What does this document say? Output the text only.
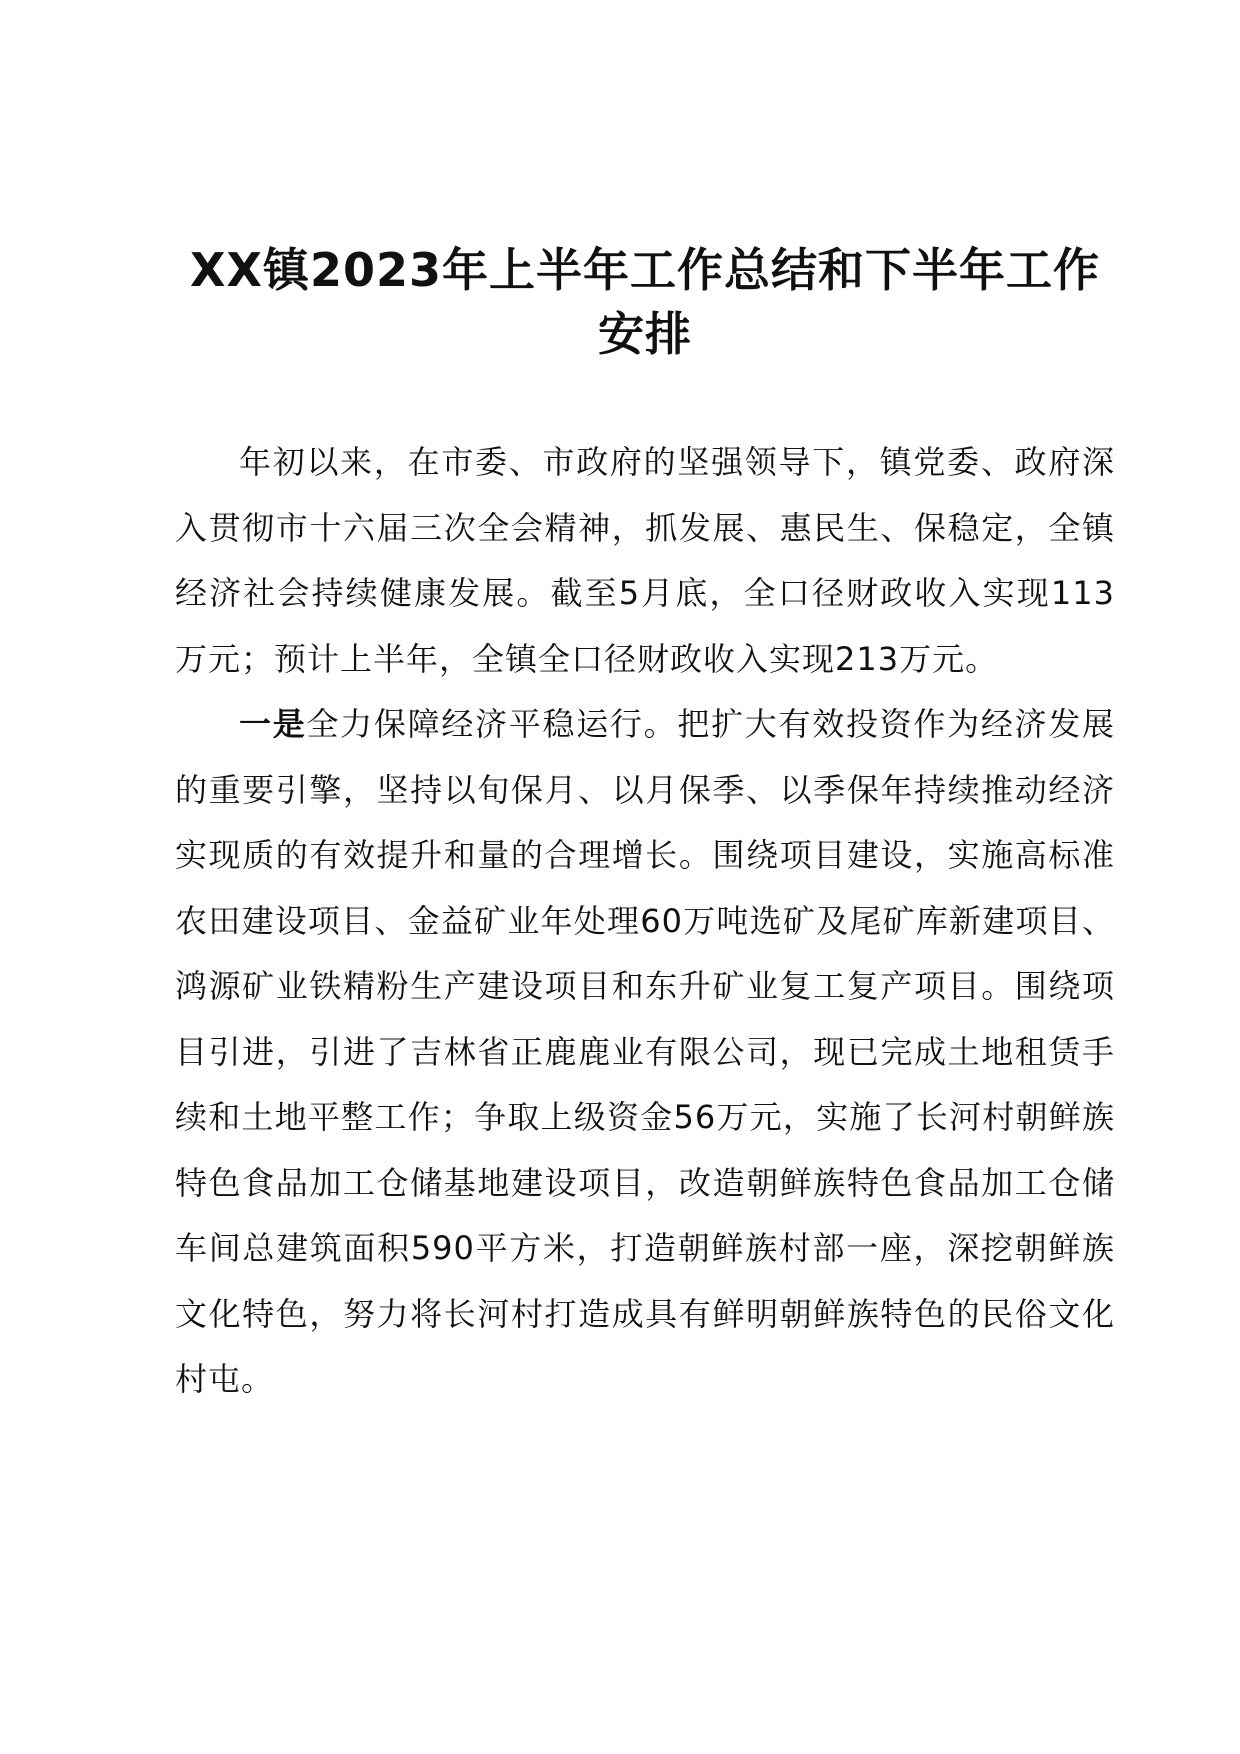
XX镇2023年上半年工作总结和下半年工作安排

年初以来，在市委、市政府的坚强领导下，镇党委、政府深入贯彻市十六届三次全会精神，抓发展、惠民生、保稳定，全镇经济社会持续健康发展。截至5月底，全口径财政收入实现113万元；预计上半年，全镇全口径财政收入实现213万元。

一是全力保障经济平稳运行。把扩大有效投资作为经济发展的重要引擎，坚持以旬保月、以月保季、以季保年持续推动经济实现质的有效提升和量的合理增长。围绕项目建设，实施高标准农田建设项目、金益矿业年处理60万吨选矿及尾矿库新建项目、鸿源矿业铁精粉生产建设项目和东升矿业复工复产项目。围绕项目引进，引进了吉林省正鹿鹿业有限公司，现已完成土地租赁手续和土地平整工作；争取上级资金56万元，实施了长河村朝鲜族特色食品加工仓储基地建设项目，改造朝鲜族特色食品加工仓储车间总建筑面积590平方米，打造朝鲜族村部一座，深挖朝鲜族文化特色，努力将长河村打造成具有鲜明朝鲜族特色的民俗文化村屯。
